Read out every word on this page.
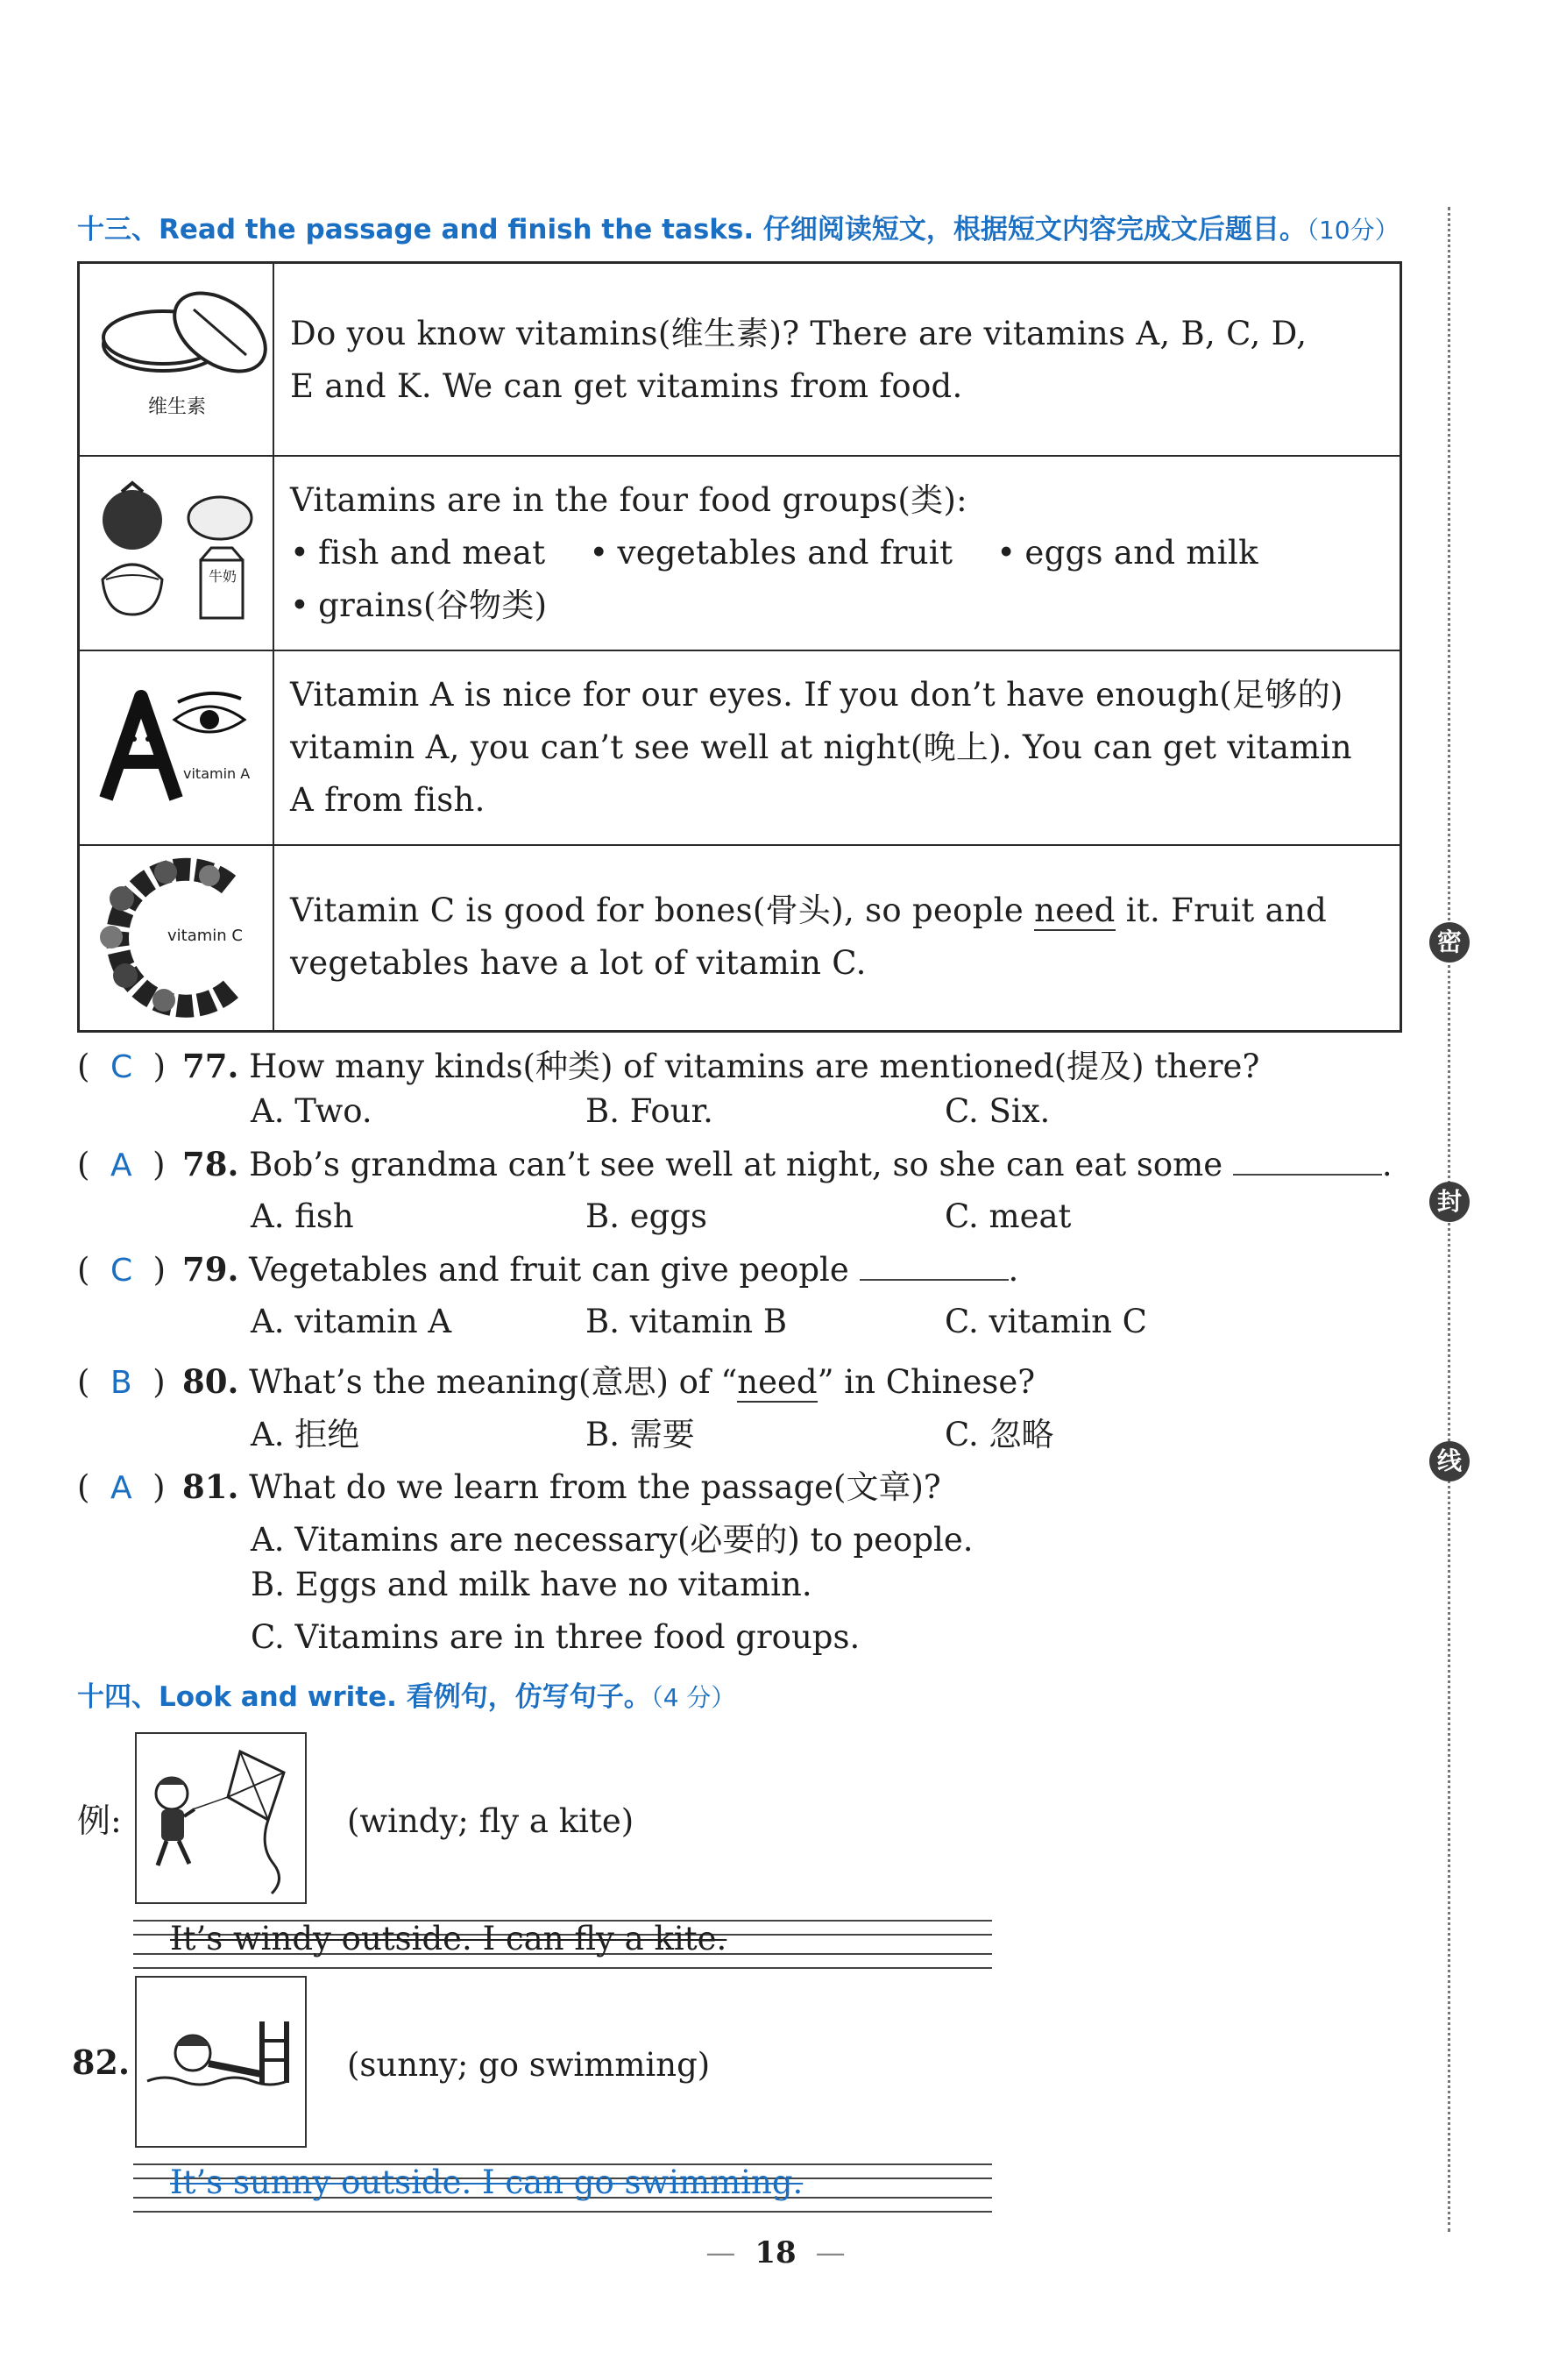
十三、Read the passage and finish the tasks. 仔细阅读短文，根据短文内容完成文后题目。（10分）
维生素
Do you know vitamins(维生素)? There are vitamins A, B, C, D,
E and K. We can get vitamins from food.
牛奶
Vitamins are in the four food groups(类):
• fish and meat	• vegetables and fruit	• eggs and milk
• grains(谷物类)
vitamin A
Vitamin A is nice for our eyes. If you don’t have enough(足够的)
vitamin A, you can’t see well at night(晚上). You can get vitamin
A from fish.
vitamin C
Vitamin C is good for bones(骨头), so people need it. Fruit and
vegetables have a lot of vitamin C.
(  C  ) 77. How many kinds(种类) of vitamins are mentioned(提及) there?
A. Two.	B. Four.	C. Six.
(  A  ) 78. Bob’s grandma can’t see well at night, so she can eat some	.
A. fish	B. eggs	C. meat
(  C  ) 79. Vegetables and fruit can give people	.
A. vitamin A	B. vitamin B	C. vitamin C
(  B  ) 80. What’s the meaning(意思) of “need” in Chinese?
A. 拒绝	B. 需要	C. 忽略
(  A  ) 81. What do we learn from the passage(文章)?
A. Vitamins are necessary(必要的) to people.
B. Eggs and milk have no vitamin.
C. Vitamins are in three food groups.
十四、Look and write. 看例句，仿写句子。（4 分）
例:	(windy; fly a kite)
It’s windy outside. I can fly a kite.
82.	(sunny; go swimming)
It’s sunny outside. I can go swimming.
密
封
线
— 18 —
